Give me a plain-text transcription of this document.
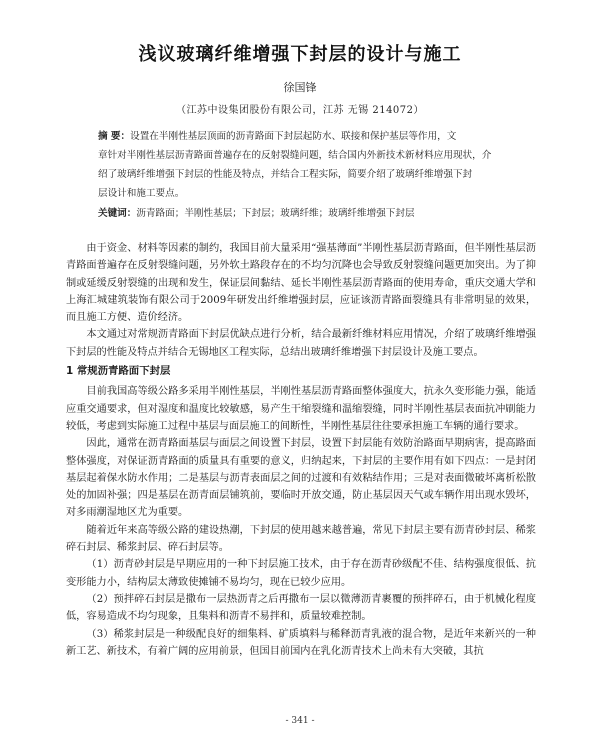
浅议玻璃纤维增强下封层的设计与施工
徐国锋
（江苏中设集团股份有限公司，江苏 无锡 214072）
摘 要：设置在半刚性基层顶面的沥青路面下封层起防水、联接和保护基层等作用，文
章针对半刚性基层沥青路面普遍存在的反射裂缝问题，结合国内外新技术新材料应用现状，介
绍了玻璃纤维增强下封层的性能及特点，并结合工程实际，简要介绍了玻璃纤维增强下封
层设计和施工要点。
关键词：沥青路面；半刚性基层；下封层；玻璃纤维；玻璃纤维增强下封层

由于资金、材料等因素的制约，我国目前大量采用“强基薄面”半刚性基层沥青路面，但半刚性基层沥青路面普遍存在反射裂缝问题，另外软土路段存在的不均匀沉降也会导致反射裂缝问题更加突出。为了抑制或延缓反射裂缝的出现和发生，保证层间黏结、延长半刚性基层沥青路面的使用寿命，重庆交通大学和上海汇城建筑装饰有限公司于2009年研发出纤维增强封层，应证该沥青路面裂缝具有非常明显的效果，而且施工方便、造价经济。

本文通过对常规沥青路面下封层优缺点进行分析，结合最新纤维材料应用情况，介绍了玻璃纤维增强下封层的性能及特点并结合无锡地区工程实际，总结出玻璃纤维增强下封层设计及施工要点。

1 常规沥青路面下封层

目前我国高等级公路多采用半刚性基层，半刚性基层沥青路面整体强度大，抗永久变形能力强，能适应重交通要求，但对湿度和温度比较敏感，易产生干缩裂缝和温缩裂缝，同时半刚性基层表面抗冲刷能力较低，考虑到实际施工过程中基层与面层施工的间断性，半刚性基层往往要承担施工车辆的通行要求。

因此，通常在沥青路面基层与面层之间设置下封层，设置下封层能有效防治路面早期病害，提高路面整体强度，对保证沥青路面的质量具有重要的意义，归纳起来，下封层的主要作用有如下四点：一是封闭基层起着保水防水作用；二是基层与沥青表面层之间的过渡和有效粘结作用；三是对表面微破坏离析松散处的加固补强；四是基层在沥青面层铺筑前，要临时开放交通，防止基层因天气或车辆作用出现水毁坏，对多雨潮湿地区尤为重要。

随着近年来高等级公路的建设热潮，下封层的使用越来越普遍，常见下封层主要有沥青砂封层、稀浆碎石封层、稀浆封层、碎石封层等。

（1）沥青砂封层是早期应用的一种下封层施工技术，由于存在沥青砂级配不佳、结构强度很低、抗变形能力小，结构层太薄致使摊铺不易均匀，现在已较少应用。

（2）预拌碎石封层是撒布一层热沥青之后再撒布一层以微薄沥青裹覆的预拌碎石，由于机械化程度低，容易造成不均匀现象，且集料和沥青不易拌和，质量较难控制。

（3）稀浆封层是一种级配良好的细集料、矿质填料与稀释沥青乳液的混合物，是近年来新兴的一种新工艺、新技术，有着广阔的应用前景，但国目前国内在乳化沥青技术上尚未有大突破，其抗

- 341 -
